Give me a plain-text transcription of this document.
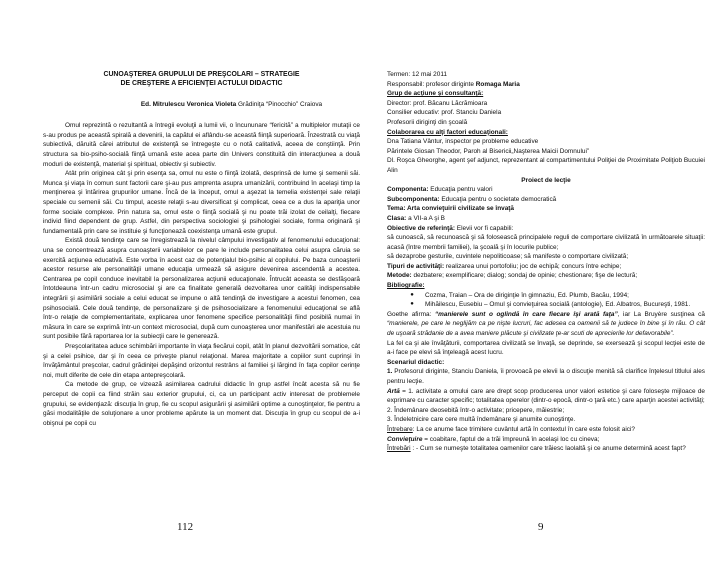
CUNOAŞTEREA GRUPULUI DE PREŞCOLARI – STRATEGIE

DE CREŞTERE A EFICIENŢEI ACTULUI DIDACTIC

Ed. Mitrulescu Veronica Violeta Grădiniţa “Pinocchio” Craiova

Omul reprezintă o rezultantă a întregii evoluţii a lumii vii, o încununare “fericită” a multiplelor mutaţii ce s-au produs pe această spirală a devenirii, la capătul ei aflându-se această fiinţă superioară. Înzestrată cu viaţă subiectivă, dăruită cărei atributul de existenţă se întregeşte cu o notă calitativă, aceea de conştiinţă. Prin structura sa bio-psiho-socială fiinţă umană este acea parte din Univers constituită din interacţiunea a două moduri de existenţă, material şi spiritual, obiectiv şi subiectiv.

Atât prin originea cât şi prin esenţa sa, omul nu este o fiinţă izolată, desprinsă de lume şi semenii săi. Munca şi viaţa în comun sunt factorii care şi-au pus amprenta asupra umanizării, contribuind în acelaşi timp la menţinerea şi întărirea grupurilor umane. Încă de la început, omul a aşezat la temelia existenţei sale relaţii speciale cu semenii săi. Cu timpul, aceste relaţii s-au diversificat şi complicat, ceea ce a dus la apariţia unor forme sociale complexe. Prin natura sa, omul este o fiinţă socială şi nu poate trăi izolat de ceilalţi, fiecare individ fiind dependent de grup. Astfel, din perspectiva sociologiei şi psihologiei sociale, forma originară şi fundamentală prin care se instituie şi funcţionează coexistenţa umană este grupul.

Există două tendinţe care se înregistrează la nivelul câmpului investigativ al fenomenului educaţional: una se concentrează asupra cunoaşterii variabilelor ce pare le include personalitatea celui asupra căruia se exercită acţiunea educativă. Este vorba în acest caz de potenţialul bio-psihic al copilului. Pe baza cunoaşterii acestor resurse ale personalităţii umane educaţia urmează să asigure devenirea ascendentă a acestea. Centrarea pe copil conduce inevitabil la personalizarea acţiunii educaţionale. Întrucât aceasta se desfăşoară întotdeauna într-un cadru microsocial şi are ca finalitate generală dezvoltarea unor calităţi indispensabile integrării şi asimilării sociale a celui educat se impune o altă tendinţă de investigare a acestui fenomen, cea psihosocială. Cele două tendinţe, de personalizare şi de psihosocializare a fenomenului educaţional se află într-o relaţie de complementaritate, explicarea unor fenomene specifice personalităţii fiind posibilă numai în măsura în care se exprimă într-un context microsocial, după cum cunoaşterea unor manifestări ale acestuia nu sunt posibile fără raportarea lor la subiecţii care le generează.

Preşcolaritatea aduce schimbări importante în viaţa fiecărui copil, atât în planul dezvoltării somatice, cât şi a celei psihice, dar şi în ceea ce priveşte planul relaţional. Marea majoritate a copiilor sunt cuprinşi în învăţământul preşcolar, cadrul grădiniţei depăşind orizontul restrâns al familiei şi lărgind în faţa copilor cerinţe noi, mult diferite de cele din etapa antepreşcolară.

Ca metode de grup, ce vizează asimilarea cadrului didactic în grup astfel încât acesta să nu fie perceput de copii ca fiind străin sau exterior grupului, ci, ca un participant activ interesat de problemele grupului, se evidenţiază: discuţia în grup, fie cu scopul asigurării şi asimilării optime a cunoştinţelor, fie pentru a găsi modalităţile de soluţionare a unor probleme apărute la un moment dat. Discuţia în grup cu scopul de a-i obişnui pe copii cu

Termen: 12 mai 2011

Responsabil: profesor diriginte Romaga Maria

Grup de acţiune şi consultanţă:

Director: prof. Băcanu Lăcrămioara

Consilier educativ: prof. Stanciu Daniela

Profesorii diriginţi din şcoală

Colaborarea cu alţi factori educaţionali:

Dna Tatiana Vântur, inspector pe probleme educative

Părintele Giosan Theodor, Paroh al Bisericii„Naşterea Maicii Domnului”

Dl. Roşca Gheorghe, agent şef adjunct, reprezentant al compartimentului Poliţiei de Proximitate Poliţiob Bucuiei Alin

Proiect de lecţie

Componenta: Educaţia pentru valori

Subcomponenta: Educaţia pentru o societate democratică

Tema: Arta convieţuirii civilizate se învaţă

Clasa: a VII-a A şi B

Obiective de referinţă: Elevii vor fi capabili:

să cunoască, să recunoască şi să folosească principalele reguli de comportare civilizată în următoarele situaţii: acasă (între membrii familiei), la şcoală şi în locurile publice;

să dezaprobe gesturile, cuvintele nepoliticoase; să manifeste o comportare civilizată;

Tipuri de activităţi: realizarea unui portofoliu; joc de echipă; concurs între echipe;

Metode: dezbatere; exemplificare; dialog; sondaj de opinie; chestionare; fişe de lectură;

Bibliografie:

●	Cozma, Traian – Ora de diriginţie în gimnaziu, Ed. Plumb, Bacău, 1994;
●	Mihăilescu, Eusebiu – Omul şi convieţuirea socială (antologie), Ed. Albatros, Bucureşti, 1981.

Goethe afirma: “manierele sunt o oglindă în care fiecare îşi arată faţa”, iar La Bruyère susţinea că “manierele, pe care le neglijăm ca pe nişte lucruri, fac adesea ca oamenii să te judece în bine şi în rău. O cât de uşoară strădanie de a avea maniere plăcute şi civilizate ţe-ar scuti de aprecierile lor defavorabile”.

La fel ca şi ale învăţăturii, comportarea civilizată se învaţă, se deprinde, se exersează şi scopul lecţiei este de a-i face pe elevi să înţeleagă acest lucru.

Scenariul didactic:

1. Profesorul diriginte, Stanciu Daniela, îi provoacă pe elevii la o discuţie menită să clarifice înţelesul titlului ales pentru lecţie.

Artă = 1. activitate a omului care are drept scop producerea unor valori estetice şi care foloseşte mijloace de exprimare cu caracter specific; totalitatea operelor (dintr-o epocă, dintr-o ţară etc.) care aparţin acestei activităţi;

2. Îndemânare deosebită într-o activitate; pricepere, măiestrie;

3. Îndeletnicire care cere multă îndemânare şi anumite cunoştinţe.

Întrebare: La ce anume face trimitere cuvântul artă în contextul în care este folosit aici?

Convieţuire = coabitare, faptul de a trăi împreună în acelaşi loc cu cineva;

Întrebări : - Cum se numeşte totalitatea oamenilor care trăiesc laolaltă şi ce anume determină acest fapt?

112	9
